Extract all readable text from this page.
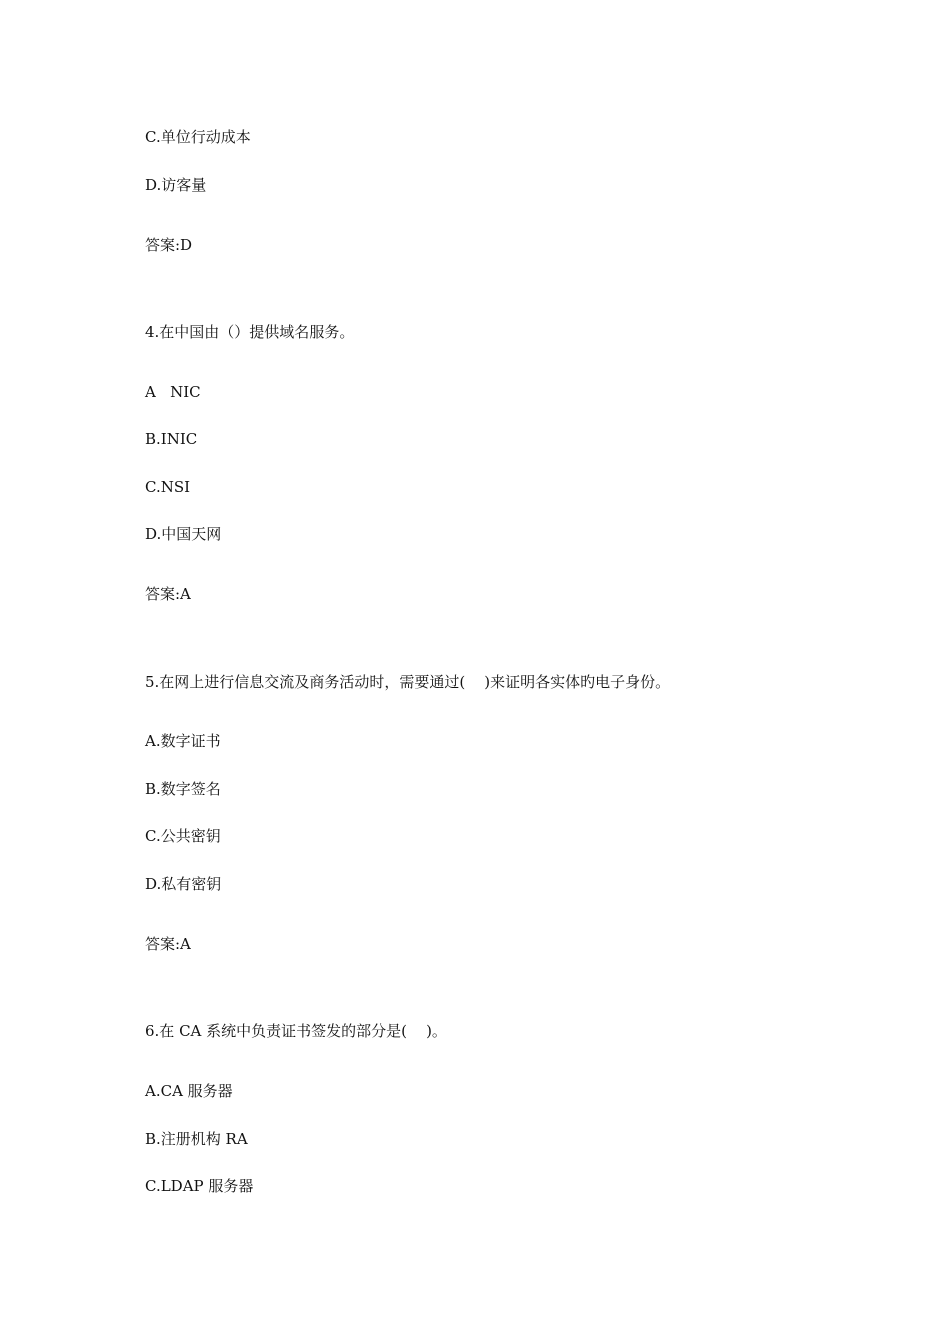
C.单位行动成本
D.访客量
答案:D
4.在中国由（）提供域名服务。
A   NIC
B.INIC
C.NSI
D.中国天网
答案:A
5.在网上进行信息交流及商务活动时，需要通过(    )来证明各实体旳电子身份。
A.数字证书
B.数字签名
C.公共密钥
D.私有密钥
答案:A
6.在 CA 系统中负责证书签发的部分是(    )。
A.CA 服务器
B.注册机构 RA
C.LDAP 服务器
